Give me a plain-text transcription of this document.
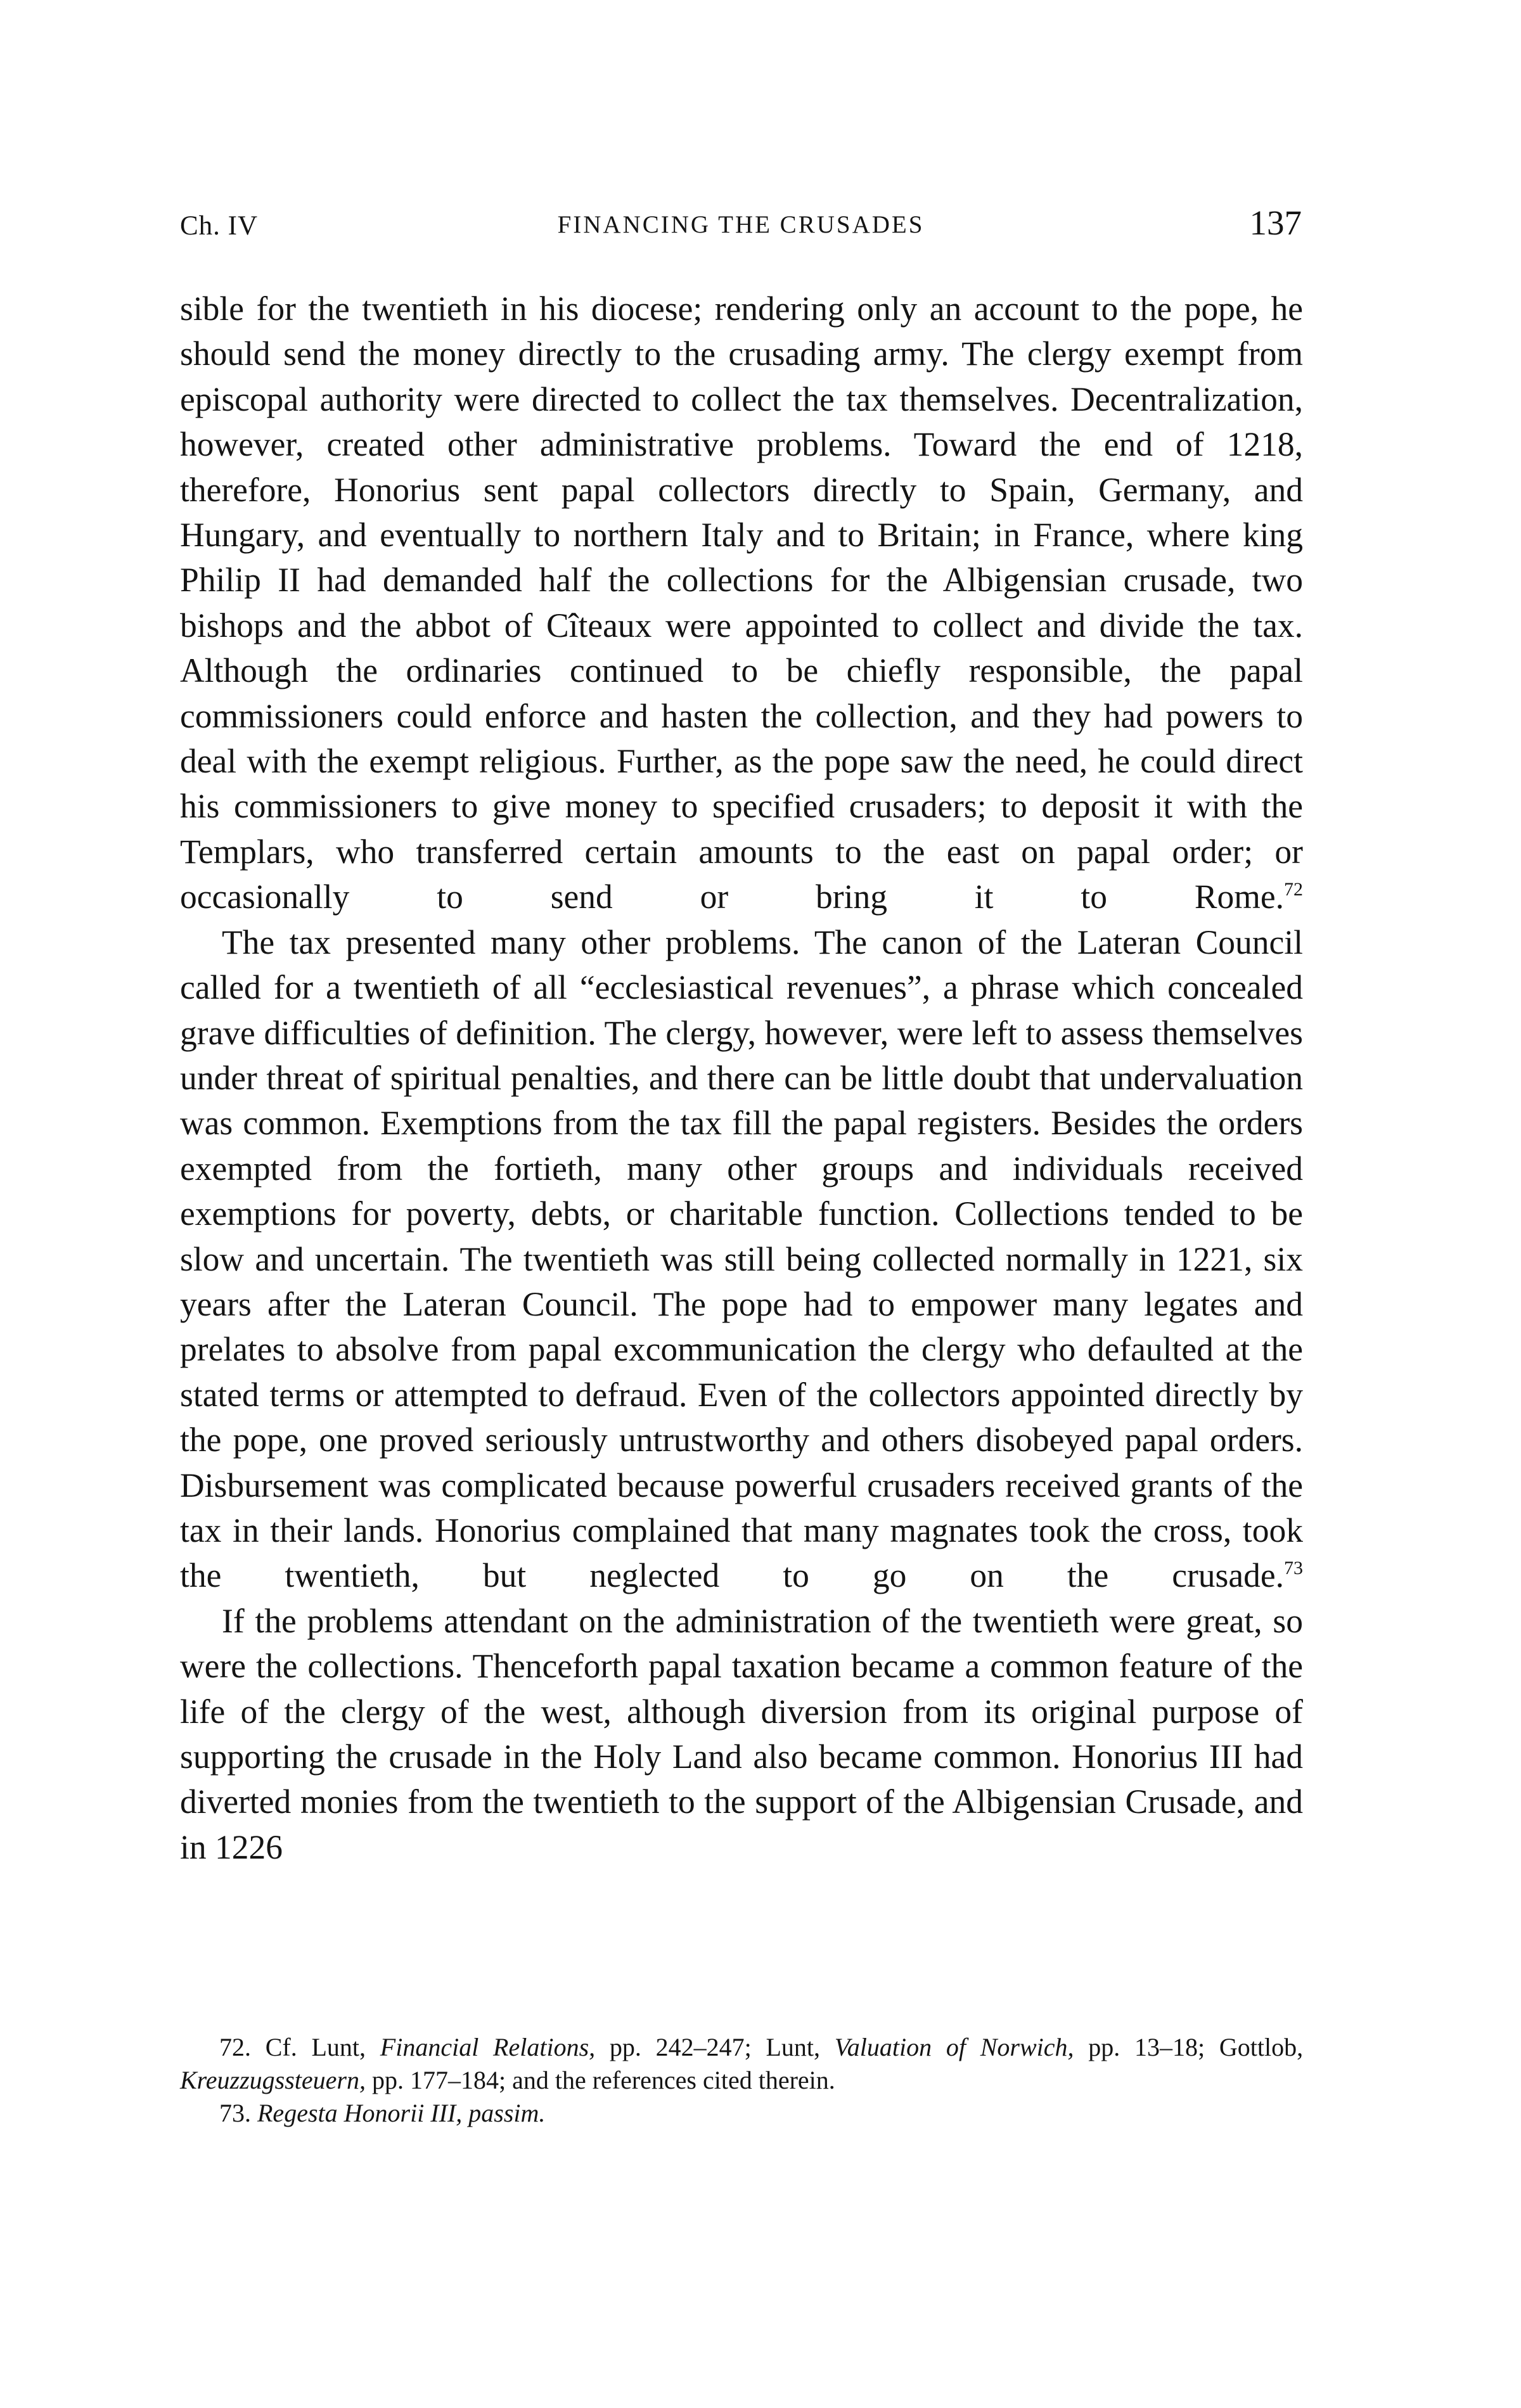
Ch. IV	FINANCING THE CRUSADES	137

sible for the twentieth in his diocese; rendering only an account to the pope, he should send the money directly to the crusading army. The clergy exempt from episcopal authority were directed to collect the tax themselves. Decentralization, however, created other administrative problems. Toward the end of 1218, therefore, Honorius sent papal collectors directly to Spain, Germany, and Hungary, and eventually to northern Italy and to Britain; in France, where king Philip II had demanded half the collections for the Albigensian crusade, two bishops and the abbot of Cîteaux were appointed to collect and divide the tax. Although the ordinaries continued to be chiefly responsible, the papal commissioners could enforce and hasten the collection, and they had powers to deal with the exempt religious. Further, as the pope saw the need, he could direct his commissioners to give money to specified crusaders; to deposit it with the Templars, who transferred certain amounts to the east on papal order; or occasionally to send or bring it to Rome.$^{72}$

The tax presented many other problems. The canon of the Lateran Council called for a twentieth of all “ecclesiastical revenues”, a phrase which concealed grave difficulties of definition. The clergy, however, were left to assess themselves under threat of spiritual penalties, and there can be little doubt that undervaluation was common. Exemptions from the tax fill the papal registers. Besides the orders exempted from the fortieth, many other groups and individuals received exemptions for poverty, debts, or charitable function. Collections tended to be slow and uncertain. The twentieth was still being collected normally in 1221, six years after the Lateran Council. The pope had to empower many legates and prelates to absolve from papal excommunication the clergy who defaulted at the stated terms or attempted to defraud. Even of the collectors appointed directly by the pope, one proved seriously untrustworthy and others disobeyed papal orders. Disbursement was complicated because powerful crusaders received grants of the tax in their lands. Honorius complained that many magnates took the cross, took the twentieth, but neglected to go on the crusade.$^{73}$

If the problems attendant on the administration of the twentieth were great, so were the collections. Thenceforth papal taxation became a common feature of the life of the clergy of the west, although diversion from its original purpose of supporting the crusade in the Holy Land also became common. Honorius III had diverted monies from the twentieth to the support of the Albigensian Crusade, and in 1226

72. Cf. Lunt, Financial Relations, pp. 242–247; Lunt, Valuation of Norwich, pp. 13–18; Gottlob, Kreuzzugssteuern, pp. 177–184; and the references cited therein.

73. Regesta Honorii III, passim.
